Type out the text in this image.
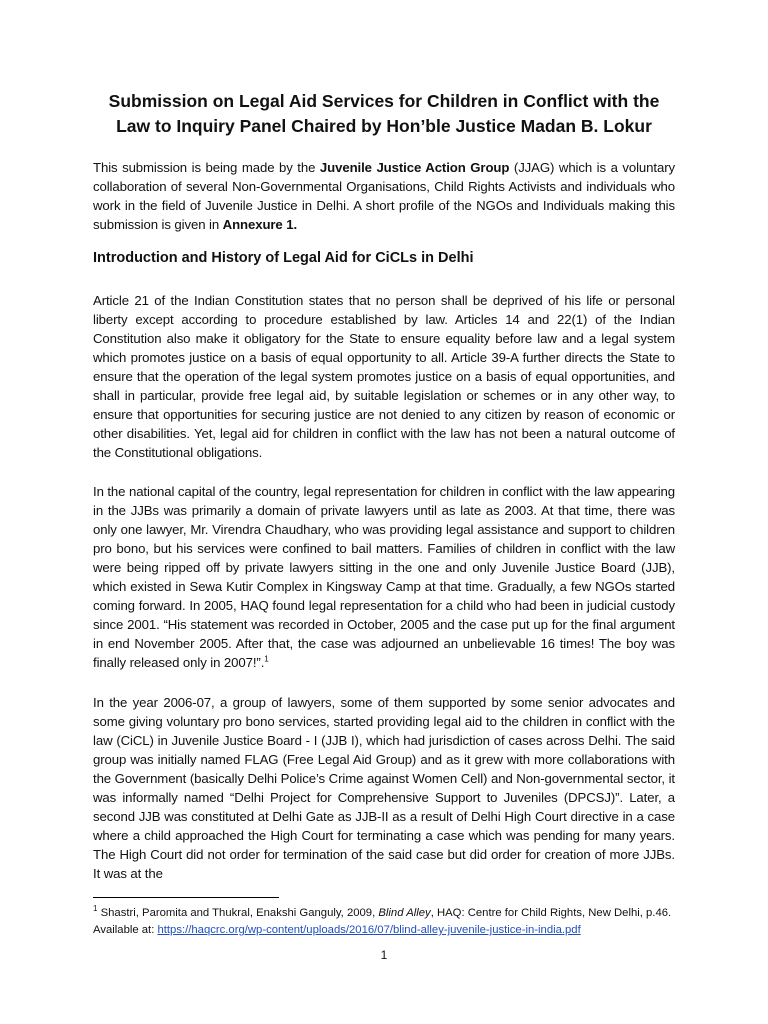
Submission on Legal Aid Services for Children in Conflict with the
Law to Inquiry Panel Chaired by Hon’ble Justice Madan B. Lokur

This submission is being made by the Juvenile Justice Action Group (JJAG) which is a voluntary collaboration of several Non-Governmental Organisations, Child Rights Activists and individuals who work in the field of Juvenile Justice in Delhi. A short profile of the NGOs and Individuals making this submission is given in Annexure 1.

Introduction and History of Legal Aid for CiCLs in Delhi

Article 21 of the Indian Constitution states that no person shall be deprived of his life or personal liberty except according to procedure established by law. Articles 14 and 22(1) of the Indian Constitution also make it obligatory for the State to ensure equality before law and a legal system which promotes justice on a basis of equal opportunity to all. Article 39-A further directs the State to ensure that the operation of the legal system promotes justice on a basis of equal opportunities, and shall in particular, provide free legal aid, by suitable legislation or schemes or in any other way, to ensure that opportunities for securing justice are not denied to any citizen by reason of economic or other disabilities. Yet, legal aid for children in conflict with the law has not been a natural outcome of the Constitutional obligations.

In the national capital of the country, legal representation for children in conflict with the law appearing in the JJBs was primarily a domain of private lawyers until as late as 2003. At that time, there was only one lawyer, Mr. Virendra Chaudhary, who was providing legal assistance and support to children pro bono, but his services were confined to bail matters. Families of children in conflict with the law were being ripped off by private lawyers sitting in the one and only Juvenile Justice Board (JJB), which existed in Sewa Kutir Complex in Kingsway Camp at that time. Gradually, a few NGOs started coming forward. In 2005, HAQ found legal representation for a child who had been in judicial custody since 2001. “His statement was recorded in October, 2005 and the case put up for the final argument in end November 2005. After that, the case was adjourned an unbelievable 16 times! The boy was finally released only in 2007!”.$^1$

In the year 2006-07, a group of lawyers, some of them supported by some senior advocates and some giving voluntary pro bono services, started providing legal aid to the children in conflict with the law (CiCL) in Juvenile Justice Board - I (JJB I), which had jurisdiction of cases across Delhi. The said group was initially named FLAG (Free Legal Aid Group) and as it grew with more collaborations with the Government (basically Delhi Police’s Crime against Women Cell) and Non-governmental sector, it was informally named “Delhi Project for Comprehensive Support to Juveniles (DPCSJ)”. Later, a second JJB was constituted at Delhi Gate as JJB-II as a result of Delhi High Court directive in a case where a child approached the High Court for terminating a case which was pending for many years. The High Court did not order for termination of the said case but did order for creation of more JJBs. It was at the

$^1$ Shastri, Paromita and Thukral, Enakshi Ganguly, 2009, Blind Alley, HAQ: Centre for Child Rights, New Delhi, p.46. Available at: https://haqcrc.org/wp-content/uploads/2016/07/blind-alley-juvenile-justice-in-india.pdf

1
